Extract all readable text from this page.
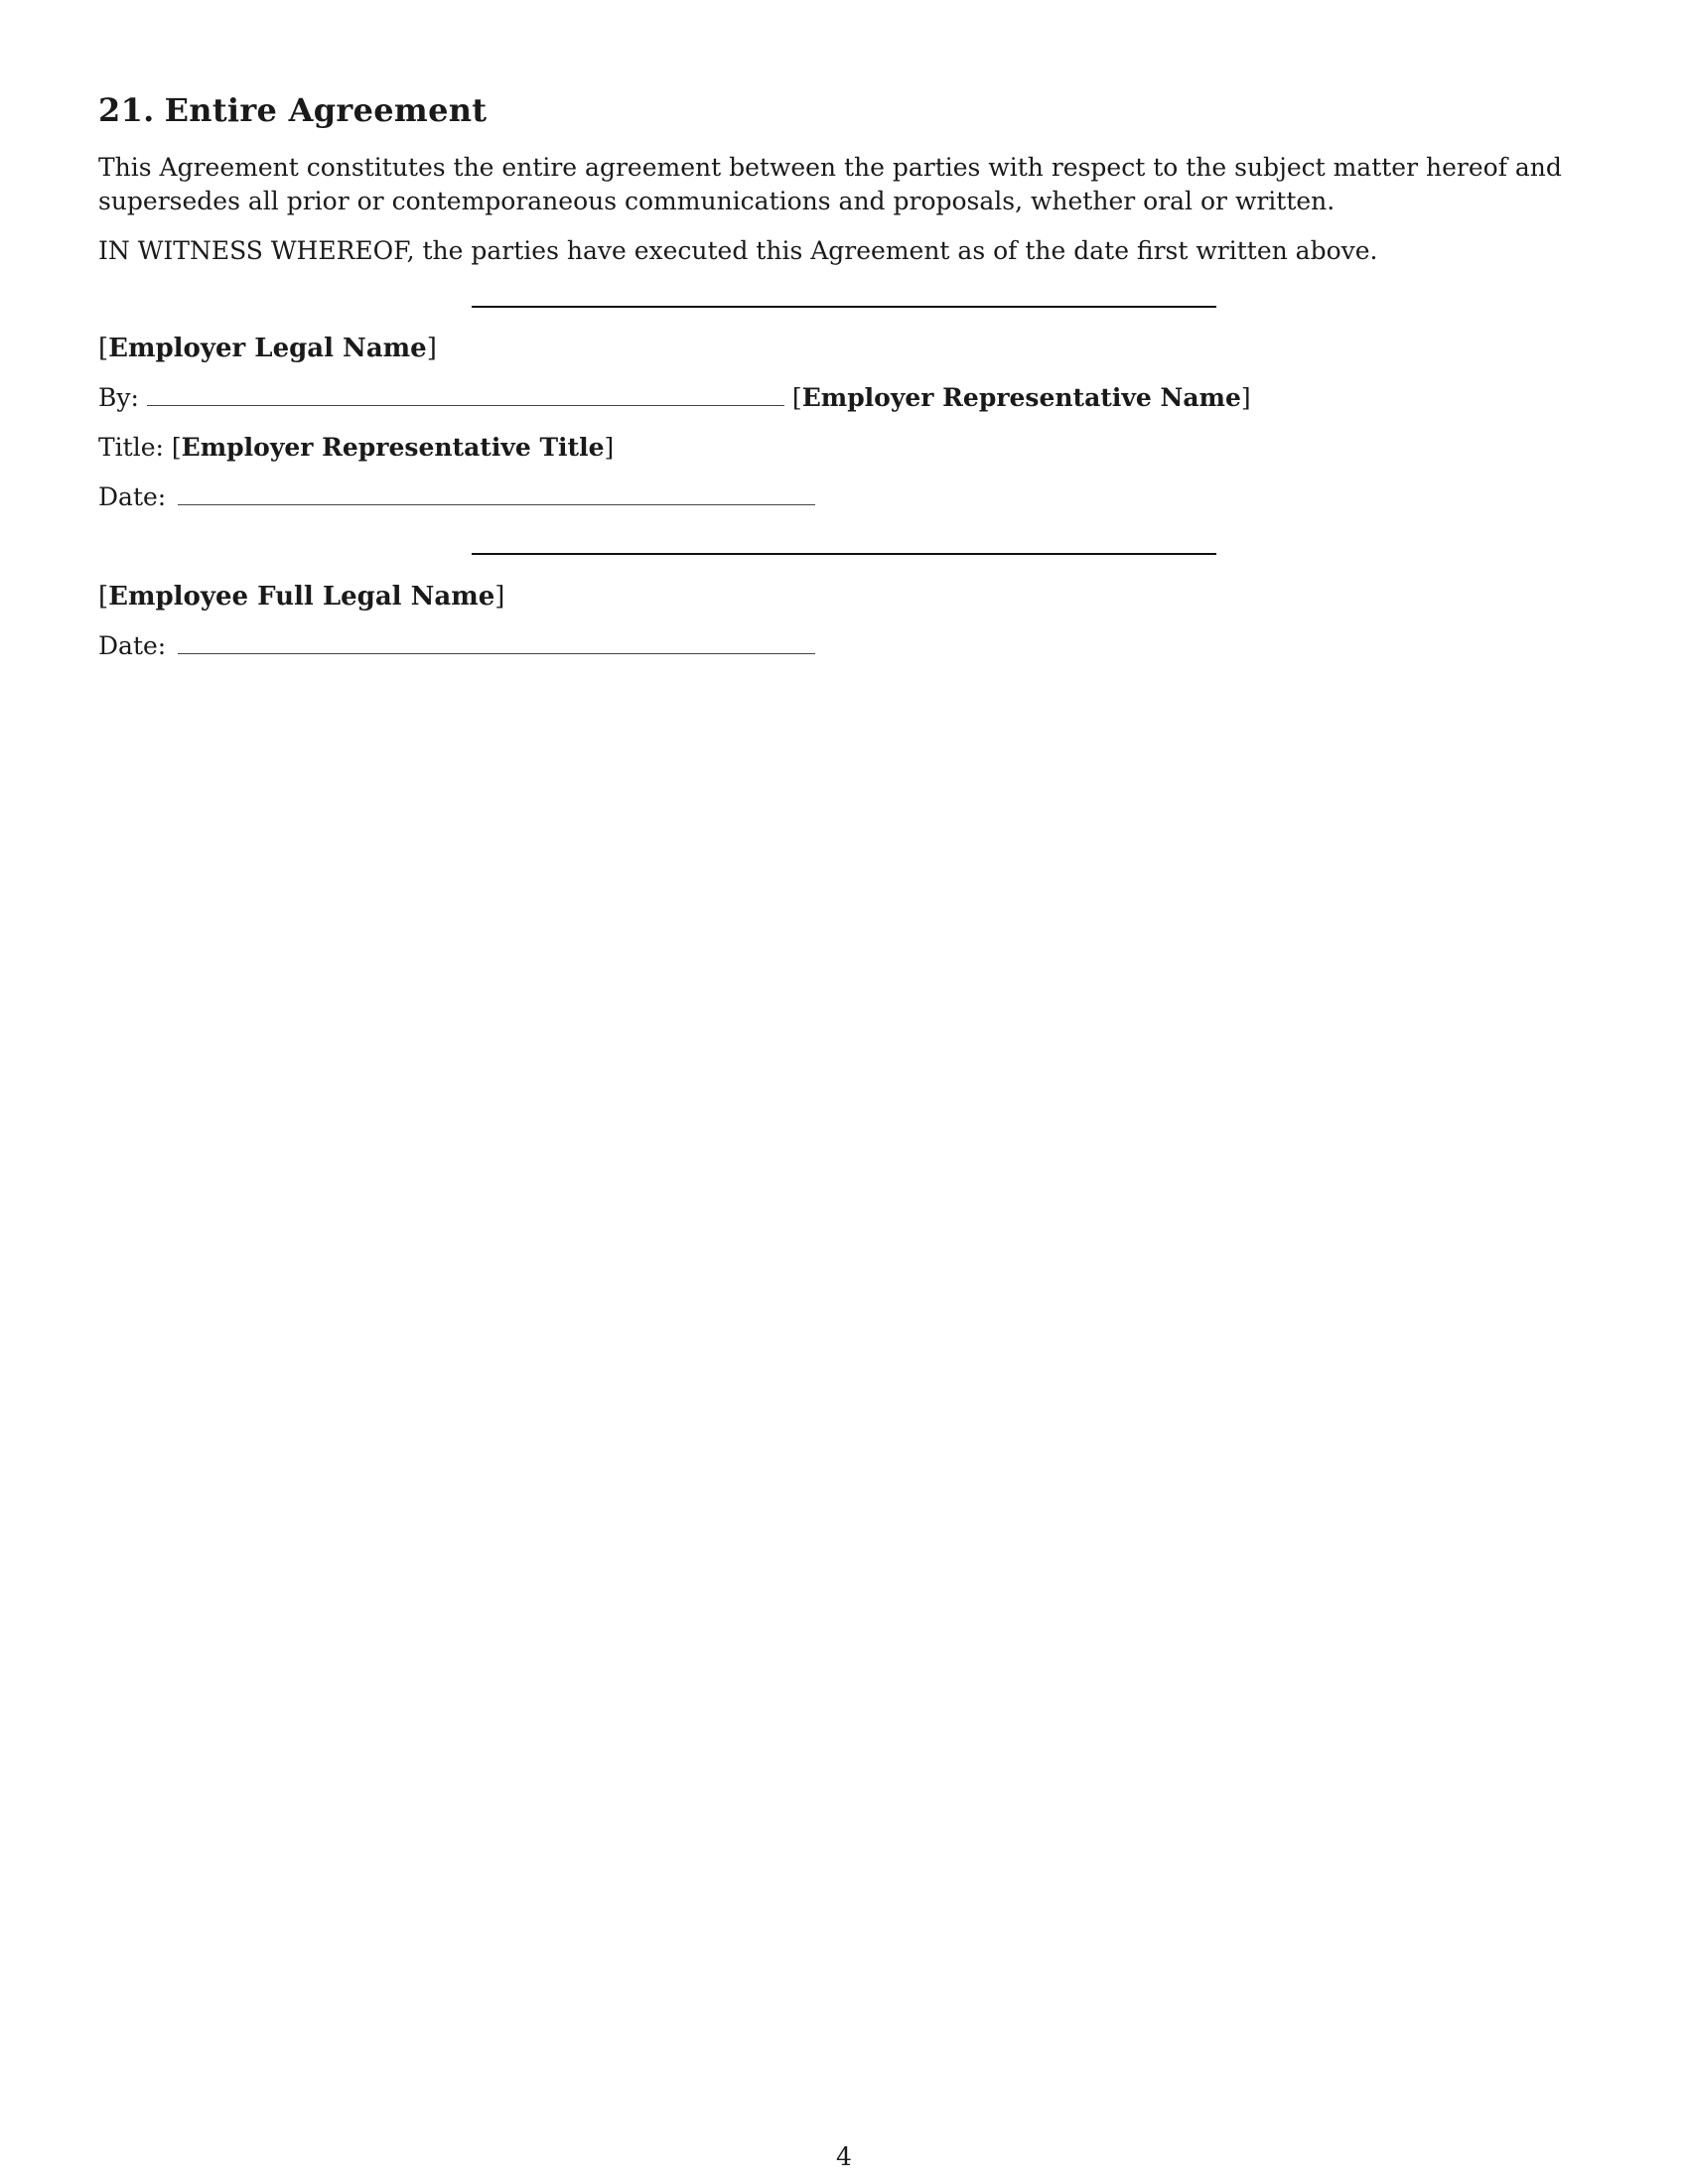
21. Entire Agreement

This Agreement constitutes the entire agreement between the parties with respect to the subject matter hereof and supersedes all prior or contemporaneous communications and proposals, whether oral or written.

IN WITNESS WHEREOF, the parties have executed this Agreement as of the date first written above.

[Employer Legal Name]
By:	[Employer Representative Name]
Title: [Employer Representative Title]
Date:
[Employee Full Legal Name]
Date:
4
